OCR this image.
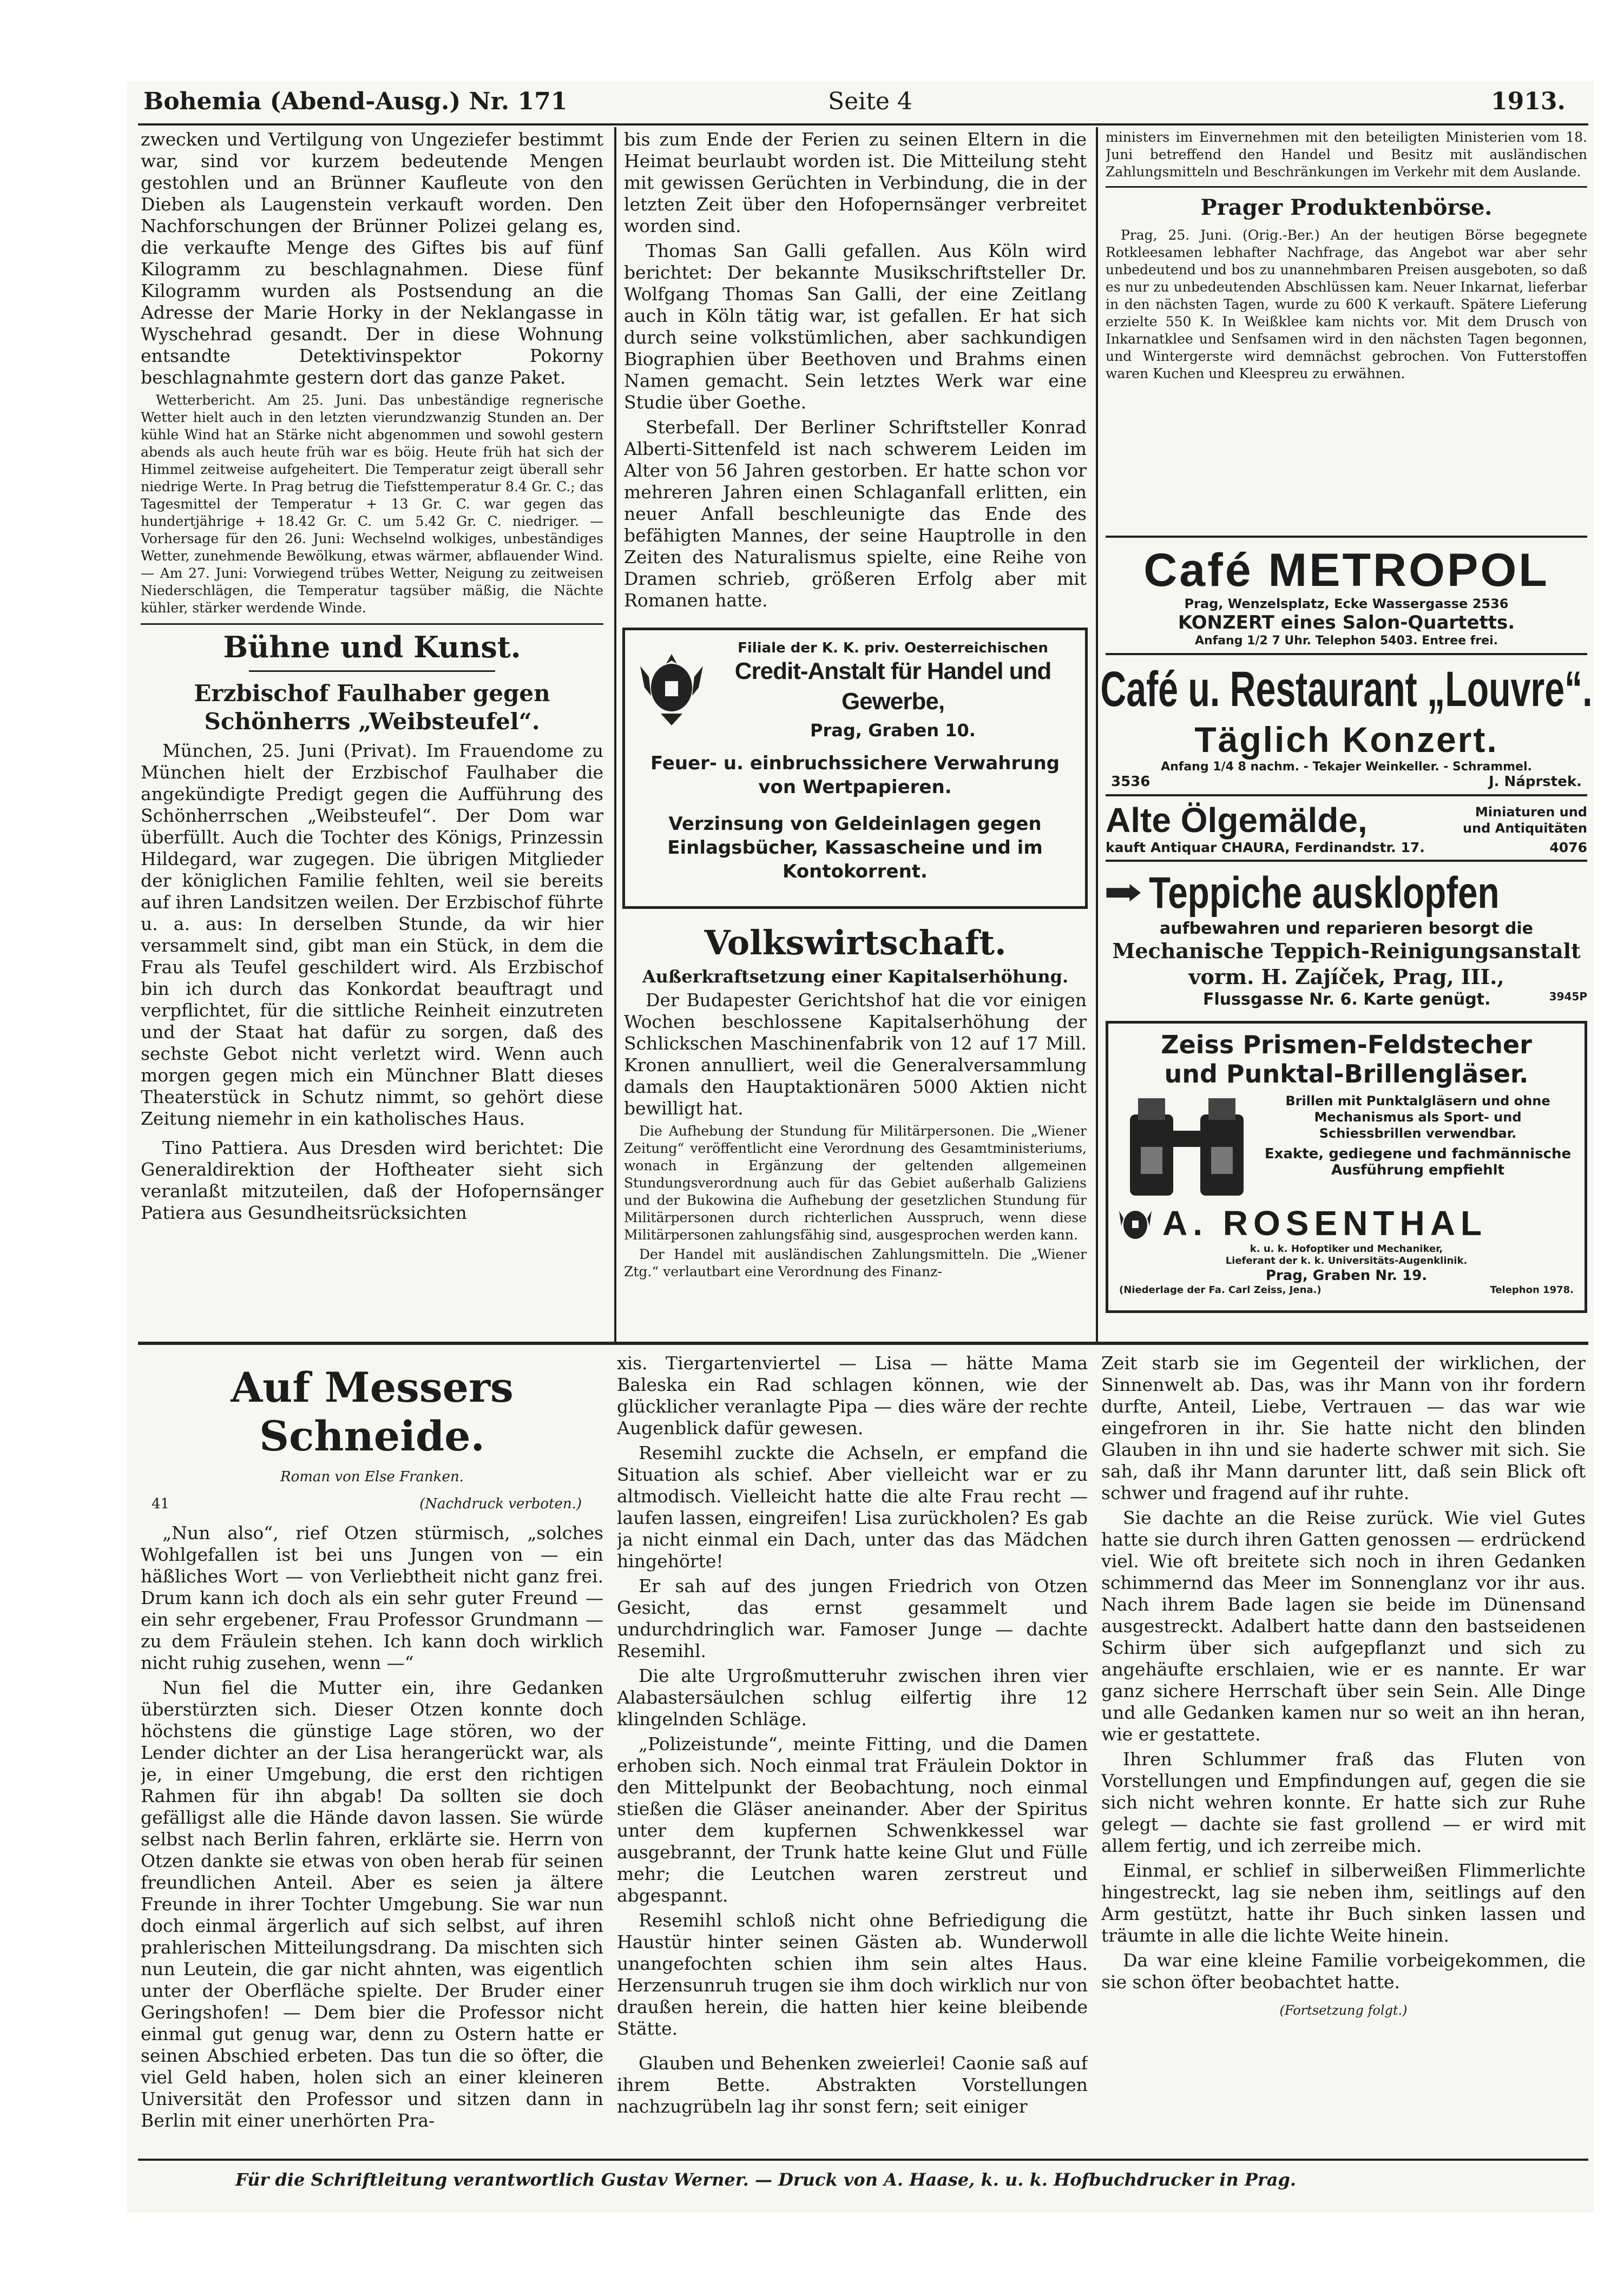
Bohemia (Abend-Ausg.) Nr. 171	Seite 4	1913.

zwecken und Vertilgung von Ungeziefer bestimmt war, sind vor kurzem bedeutende Mengen gestohlen und an Brünner Kaufleute von den Dieben als Laugenstein verkauft worden. Den Nachforschungen der Brünner Polizei gelang es, die verkaufte Menge des Giftes bis auf fünf Kilogramm zu beschlagnahmen. Diese fünf Kilogramm wurden als Postsendung an die Adresse der Marie Horky in der Neklangasse in Wyschehrad gesandt. Der in diese Wohnung entsandte Detektivinspektor Pokorny beschlagnahmte gestern dort das ganze Paket.

Wetterbericht. Am 25. Juni. Das unbeständige regnerische Wetter hielt auch in den letzten vierundzwanzig Stunden an. Der kühle Wind hat an Stärke nicht abgenommen und sowohl gestern abends als auch heute früh war es böig. Heute früh hat sich der Himmel zeitweise aufgeheitert. Die Temperatur zeigt überall sehr niedrige Werte. In Prag betrug die Tiefsttemperatur 8.4 Gr. C.; das Tagesmittel der Temperatur + 13 Gr. C. war gegen das hundertjährige + 18.42 Gr. C. um 5.42 Gr. C. niedriger. — Vorhersage für den 26. Juni: Wechselnd wolkiges, unbeständiges Wetter, zunehmende Bewölkung, etwas wärmer, abflauender Wind. — Am 27. Juni: Vorwiegend trübes Wetter, Neigung zu zeitweisen Niederschlägen, die Temperatur tagsüber mäßig, die Nächte kühler, stärker werdende Winde.

Bühne und Kunst.
Erzbischof Faulhaber gegen Schönherrs „Weibsteufel“.

München, 25. Juni (Privat). Im Frauendome zu München hielt der Erzbischof Faulhaber die angekündigte Predigt gegen die Aufführung des Schönherrschen „Weibsteufel“. Der Dom war überfüllt. Auch die Tochter des Königs, Prinzessin Hildegard, war zugegen. Die übrigen Mitglieder der königlichen Familie fehlten, weil sie bereits auf ihren Landsitzen weilen. Der Erzbischof führte u. a. aus: In derselben Stunde, da wir hier versammelt sind, gibt man ein Stück, in dem die Frau als Teufel geschildert wird. Als Erzbischof bin ich durch das Konkordat beauftragt und verpflichtet, für die sittliche Reinheit einzutreten und der Staat hat dafür zu sorgen, daß des sechste Gebot nicht verletzt wird. Wenn auch morgen gegen mich ein Münchner Blatt dieses Theaterstück in Schutz nimmt, so gehört diese Zeitung niemehr in ein katholisches Haus.

Tino Pattiera. Aus Dresden wird berichtet: Die Generaldirektion der Hoftheater sieht sich veranlaßt mitzuteilen, daß der Hofopernsänger Patiera aus Gesundheitsrücksichten

bis zum Ende der Ferien zu seinen Eltern in die Heimat beurlaubt worden ist. Die Mitteilung steht mit gewissen Gerüchten in Verbindung, die in der letzten Zeit über den Hofopernsänger verbreitet worden sind.

Thomas San Galli gefallen. Aus Köln wird berichtet: Der bekannte Musikschriftsteller Dr. Wolfgang Thomas San Galli, der eine Zeitlang auch in Köln tätig war, ist gefallen. Er hat sich durch seine volkstümlichen, aber sachkundigen Biographien über Beethoven und Brahms einen Namen gemacht. Sein letztes Werk war eine Studie über Goethe.

Sterbefall. Der Berliner Schriftsteller Konrad Alberti-Sittenfeld ist nach schwerem Leiden im Alter von 56 Jahren gestorben. Er hatte schon vor mehreren Jahren einen Schlaganfall erlitten, ein neuer Anfall beschleunigte das Ende des befähigten Mannes, der seine Hauptrolle in den Zeiten des Naturalismus spielte, eine Reihe von Dramen schrieb, größeren Erfolg aber mit Romanen hatte.

Filiale der K. K. priv. Oesterreichischen
Credit-Anstalt für Handel und Gewerbe,
Prag, Graben 10.
Feuer- u. einbruchssichere Verwahrung von Wertpapieren.
Verzinsung von Geldeinlagen gegen Einlagsbücher, Kassascheine und im Kontokorrent.
Volkswirtschaft.
Außerkraftsetzung einer Kapitalserhöhung.

Der Budapester Gerichtshof hat die vor einigen Wochen beschlossene Kapitalserhöhung der Schlickschen Maschinenfabrik von 12 auf 17 Mill. Kronen annulliert, weil die Generalversammlung damals den Hauptaktionären 5000 Aktien nicht bewilligt hat.

Die Aufhebung der Stundung für Militärpersonen. Die „Wiener Zeitung“ veröffentlicht eine Verordnung des Gesamtministeriums, wonach in Ergänzung der geltenden allgemeinen Stundungsverordnung auch für das Gebiet außerhalb Galiziens und der Bukowina die Aufhebung der gesetzlichen Stundung für Militärpersonen durch richterlichen Ausspruch, wenn diese Militärpersonen zahlungsfähig sind, ausgesprochen werden kann.

Der Handel mit ausländischen Zahlungsmitteln. Die „Wiener Ztg.“ verlautbart eine Verordnung des Finanz-

ministers im Einvernehmen mit den beteiligten Ministerien vom 18. Juni betreffend den Handel und Besitz mit ausländischen Zahlungsmitteln und Beschränkungen im Verkehr mit dem Auslande.

Prager Produktenbörse.

Prag, 25. Juni. (Orig.-Ber.) An der heutigen Börse begegnete Rotkleesamen lebhafter Nachfrage, das Angebot war aber sehr unbedeutend und bos zu unannehmbaren Preisen ausgeboten, so daß es nur zu unbedeutenden Abschlüssen kam. Neuer Inkarnat, lieferbar in den nächsten Tagen, wurde zu 600 K verkauft. Spätere Lieferung erzielte 550 K. In Weißklee kam nichts vor. Mit dem Drusch von Inkarnatklee und Senfsamen wird in den nächsten Tagen begonnen, und Wintergerste wird demnächst gebrochen. Von Futterstoffen waren Kuchen und Kleespreu zu erwähnen.

Café METROPOL
Prag, Wenzelsplatz, Ecke Wassergasse 2536
KONZERT eines Salon-Quartetts.
Anfang 1/2 7 Uhr. Telephon 5403. Entree frei.
Café u. Restaurant „Louvre“.
Täglich Konzert.
Anfang 1/4 8 nachm. - Tekajer Weinkeller. - Schrammel.
3536	J. Náprstek.
Alte Ölgemälde,	Miniaturen und
und Antiquitäten
kauft Antiquar CHAURA, Ferdinandstr. 17.	4076
Teppiche ausklopfen
aufbewahren und reparieren besorgt die
Mechanische Teppich-Reinigungsanstalt vorm. H. Zajíček, Prag, III.,
Flussgasse Nr. 6. Karte genügt.	3945P
Zeiss Prismen-Feldstecher
und Punktal-Brillengläser.
Brillen mit Punktalgläsern und ohne Mechanismus als Sport- und Schiessbrillen verwendbar.
Exakte, gediegene und fachmännische Ausführung empfiehlt
A. ROSENTHAL
k. u. k. Hofoptiker und Mechaniker,
Lieferant der k. k. Universitäts-Augenklinik.
Prag, Graben Nr. 19.
(Niederlage der Fa. Carl Zeiss, Jena.)	Telephon 1978.
Auf Messers Schneide.
Roman von Else Franken.
41	(Nachdruck verboten.)

„Nun also“, rief Otzen stürmisch, „solches Wohlgefallen ist bei uns Jungen von — ein häßliches Wort — von Verliebtheit nicht ganz frei. Drum kann ich doch als ein sehr guter Freund — ein sehr ergebener, Frau Professor Grundmann — zu dem Fräulein stehen. Ich kann doch wirklich nicht ruhig zusehen, wenn —“

Nun fiel die Mutter ein, ihre Gedanken überstürzten sich. Dieser Otzen konnte doch höchstens die günstige Lage stören, wo der Lender dichter an der Lisa herangerückt war, als je, in einer Umgebung, die erst den richtigen Rahmen für ihn abgab! Da sollten sie doch gefälligst alle die Hände davon lassen. Sie würde selbst nach Berlin fahren, erklärte sie. Herrn von Otzen dankte sie etwas von oben herab für seinen freundlichen Anteil. Aber es seien ja ältere Freunde in ihrer Tochter Umgebung. Sie war nun doch einmal ärgerlich auf sich selbst, auf ihren prahlerischen Mitteilungsdrang. Da mischten sich nun Leutein, die gar nicht ahnten, was eigentlich unter der Oberfläche spielte. Der Bruder einer Geringshofen! — Dem bier die Professor nicht einmal gut genug war, denn zu Ostern hatte er seinen Abschied erbeten. Das tun die so öfter, die viel Geld haben, holen sich an einer kleineren Universität den Professor und sitzen dann in Berlin mit einer unerhörten Pra-

xis. Tiergartenviertel — Lisa — hätte Mama Baleska ein Rad schlagen können, wie der glücklicher veranlagte Pipa — dies wäre der rechte Augenblick dafür gewesen.

Resemihl zuckte die Achseln, er empfand die Situation als schief. Aber vielleicht war er zu altmodisch. Vielleicht hatte die alte Frau recht — laufen lassen, eingreifen! Lisa zurückholen? Es gab ja nicht einmal ein Dach, unter das das Mädchen hingehörte!

Er sah auf des jungen Friedrich von Otzen Gesicht, das ernst gesammelt und undurchdringlich war. Famoser Junge — dachte Resemihl.

Die alte Urgroßmutteruhr zwischen ihren vier Alabastersäulchen schlug eilfertig ihre 12 klingelnden Schläge.

„Polizeistunde“, meinte Fitting, und die Damen erhoben sich. Noch einmal trat Fräulein Doktor in den Mittelpunkt der Beobachtung, noch einmal stießen die Gläser aneinander. Aber der Spiritus unter dem kupfernen Schwenkkessel war ausgebrannt, der Trunk hatte keine Glut und Fülle mehr; die Leutchen waren zerstreut und abgespannt.

Resemihl schloß nicht ohne Befriedigung die Haustür hinter seinen Gästen ab. Wunderwoll unangefochten schien ihm sein altes Haus. Herzensunruh trugen sie ihm doch wirklich nur von draußen herein, die hatten hier keine bleibende Stätte.

Glauben und Behenken zweierlei! Caonie saß auf ihrem Bette. Abstrakten Vorstellungen nachzugrübeln lag ihr sonst fern; seit einiger

Zeit starb sie im Gegenteil der wirklichen, der Sinnenwelt ab. Das, was ihr Mann von ihr fordern durfte, Anteil, Liebe, Vertrauen — das war wie eingefroren in ihr. Sie hatte nicht den blinden Glauben in ihn und sie haderte schwer mit sich. Sie sah, daß ihr Mann darunter litt, daß sein Blick oft schwer und fragend auf ihr ruhte.

Sie dachte an die Reise zurück. Wie viel Gutes hatte sie durch ihren Gatten genossen — erdrückend viel. Wie oft breitete sich noch in ihren Gedanken schimmernd das Meer im Sonnenglanz vor ihr aus. Nach ihrem Bade lagen sie beide im Dünensand ausgestreckt. Adalbert hatte dann den bastseidenen Schirm über sich aufgepflanzt und sich zu angehäufte erschlaien, wie er es nannte. Er war ganz sichere Herrschaft über sein Sein. Alle Dinge und alle Gedanken kamen nur so weit an ihn heran, wie er gestattete.

Ihren Schlummer fraß das Fluten von Vorstellungen und Empfindungen auf, gegen die sie sich nicht wehren konnte. Er hatte sich zur Ruhe gelegt — dachte sie fast grollend — er wird mit allem fertig, und ich zerreibe mich.

Einmal, er schlief in silberweißen Flimmerlichte hingestreckt, lag sie neben ihm, seitlings auf den Arm gestützt, hatte ihr Buch sinken lassen und träumte in alle die lichte Weite hinein.

Da war eine kleine Familie vorbeigekommen, die sie schon öfter beobachtet hatte.

(Fortsetzung folgt.)
Für die Schriftleitung verantwortlich Gustav Werner. — Druck von A. Haase, k. u. k. Hofbuchdrucker in Prag.
